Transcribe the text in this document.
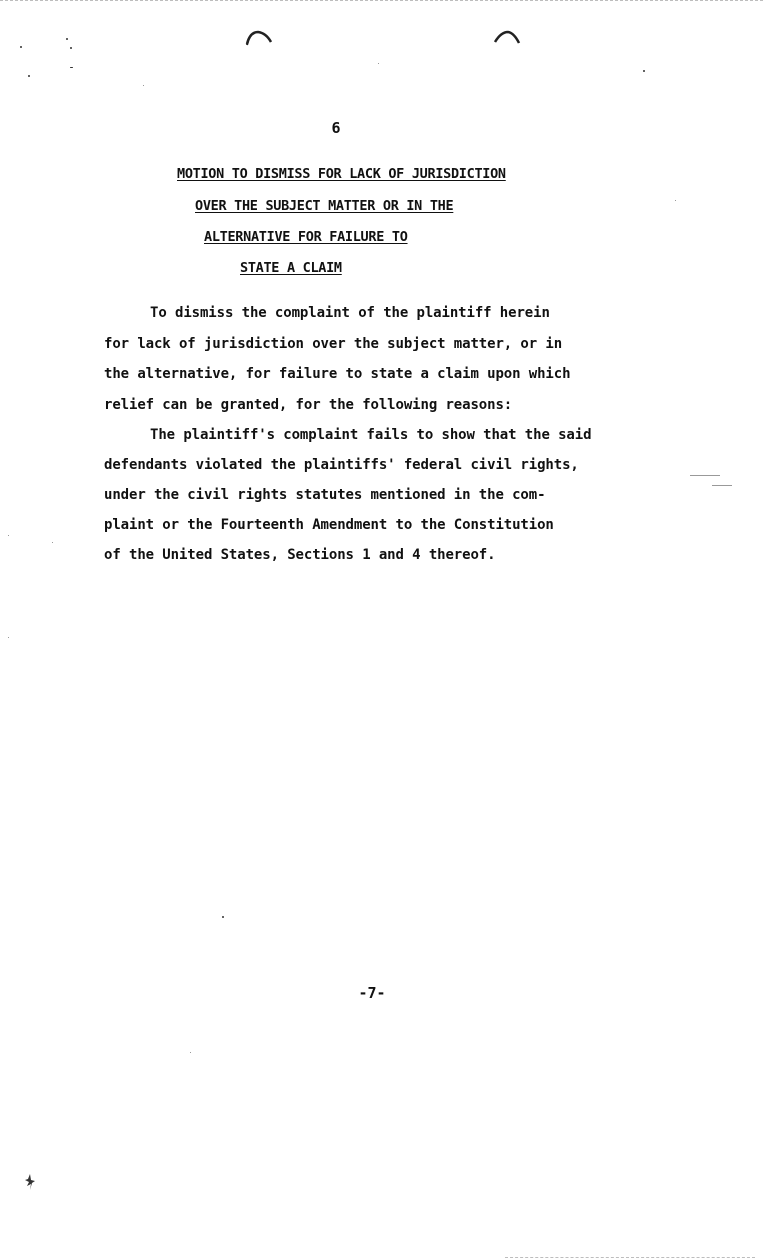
6
MOTION TO DISMISS FOR LACK OF JURISDICTION
OVER THE SUBJECT MATTER OR IN THE
ALTERNATIVE FOR FAILURE TO
STATE A CLAIM
To dismiss the complaint of the plaintiff herein
for lack of jurisdiction over the subject matter, or in
the alternative, for failure to state a claim upon which
relief can be granted, for the following reasons:
The plaintiff's complaint fails to show that the said
defendants violated the plaintiffs' federal civil rights,
under the civil rights statutes mentioned in the com-
plaint or the Fourteenth Amendment to the Constitution
of the United States, Sections 1 and 4 thereof.
-7-
